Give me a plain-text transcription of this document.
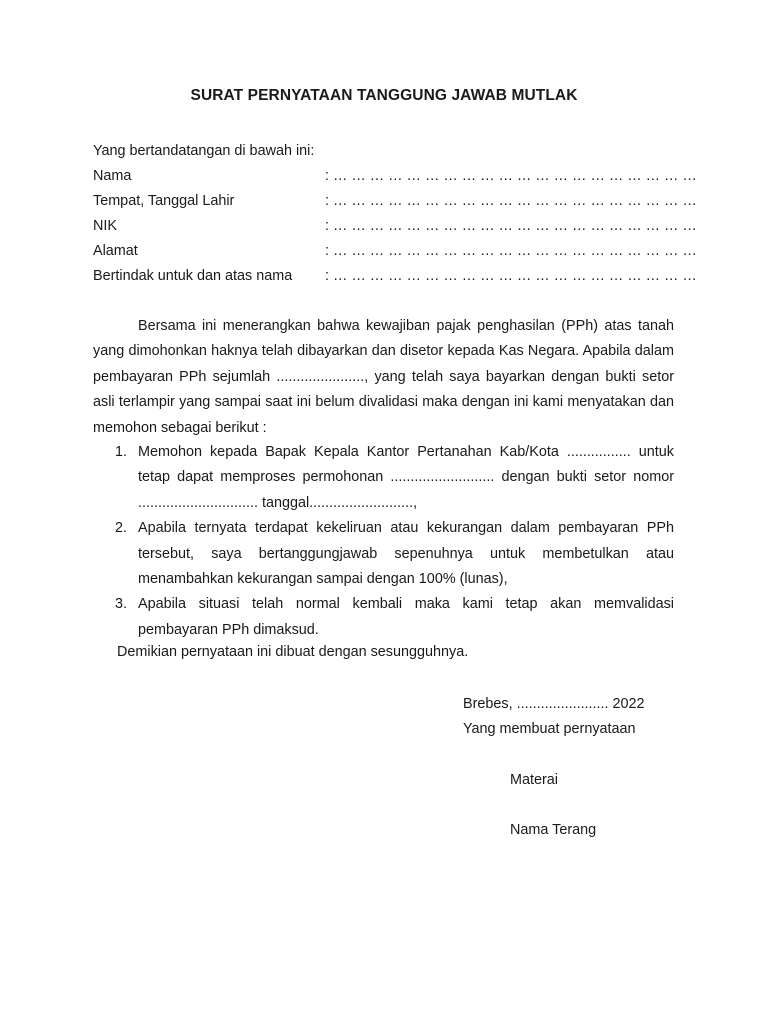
SURAT PERNYATAAN TANGGUNG JAWAB MUTLAK
Yang bertandatangan di bawah ini:
Nama	: … … … … … … … … … … … … … … … … … … … …
Tempat, Tanggal Lahir	: … … … … … … … … … … … … … … … … … … … …
NIK	: … … … … … … … … … … … … … … … … … … … …
Alamat	: … … … … … … … … … … … … … … … … … … … …
Bertindak untuk dan atas nama : … … … … … … … … … … … … … … … … … … … …
Bersama ini menerangkan bahwa kewajiban pajak penghasilan (PPh) atas tanah yang dimohonkan haknya telah dibayarkan dan disetor kepada Kas Negara. Apabila dalam pembayaran PPh sejumlah ......................, yang telah saya bayarkan dengan bukti setor asli terlampir yang sampai saat ini belum divalidasi maka dengan ini kami menyatakan dan memohon sebagai berikut :
1. Memohon kepada Bapak Kepala Kantor Pertanahan Kab/Kota ................ untuk tetap dapat memproses permohonan .......................... dengan bukti setor nomor .............................. tanggal..........................,
2. Apabila ternyata terdapat kekeliruan atau kekurangan dalam pembayaran PPh tersebut, saya bertanggungjawab sepenuhnya untuk membetulkan atau menambahkan kekurangan sampai dengan 100% (lunas),
3. Apabila situasi telah normal kembali maka kami tetap akan memvalidasi pembayaran PPh dimaksud.
Demikian pernyataan ini dibuat dengan sesungguhnya.
Brebes, ....................... 2022
Yang membuat pernyataan
Materai
Nama Terang
